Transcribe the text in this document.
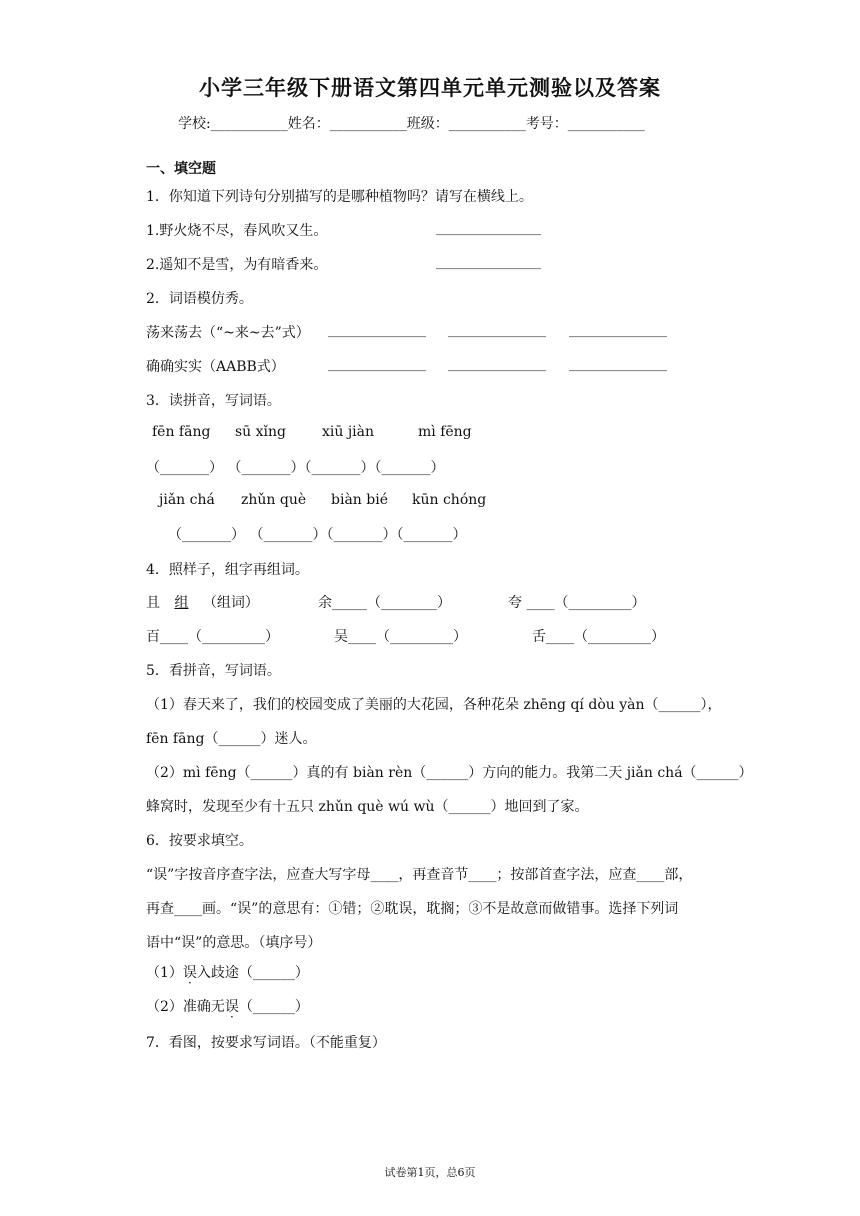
小学三年级下册语文第四单元单元测验以及答案
学校:___________姓名：___________班级：___________考号：___________
一、填空题
1．你知道下列诗句分别描写的是哪种植物吗？请写在横线上。
1.野火烧不尽，春风吹又生。	_______________
2.遥知不是雪，为有暗香来。	_______________
2．词语模仿秀。
荡来荡去（“~来~去”式） ______________ ______________ ______________
确确实实（AABB式）	______________ ______________ ______________
3．读拼音，写词语。
fēn fāng sū xǐng	xiū jiàn	mì fēng
（_______） （_______）（_______）（_______）
jiǎn chá zhǔn què biàn bié kūn chóng
（_______） （_______）（_______）（_______）
4．照样子，组字再组词。
且 组 （组词）	余_____（________）	夸 ____（_________）
百____（_________）	吴____（_________）	舌____（_________）
5．看拼音，写词语。
（1）春天来了，我们的校园变成了美丽的大花园，各种花朵 zhēng qí dòu yàn（______），
fēn fāng（______）迷人。
（2）mì fēng（______）真的有 biàn rèn（______）方向的能力。我第二天 jiǎn chá（______）
蜂窝时，发现至少有十五只 zhǔn què wú wù（______）地回到了家。
6．按要求填空。
“误”字按音序查字法，应查大写字母____，再查音节____；按部首查字法，应查____部，
再查____画。“误”的意思有：①错；②耽误，耽搁；③不是故意而做错事。选择下列词
语中“误”的意思。（填序号）
（1）误入歧途（______）
（2）准确无误（______）
7．看图，按要求写词语。（不能重复）
试卷第1页，总6页
